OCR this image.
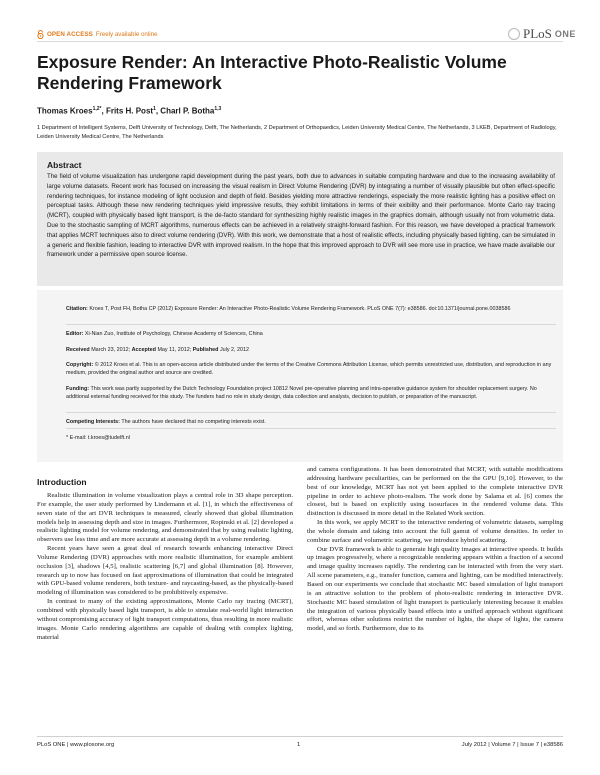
OPEN ACCESS Freely available online	PLoS ONE
Exposure Render: An Interactive Photo-Realistic Volume Rendering Framework
Thomas Kroes$^{1,2*}$, Frits H. Post$^1$, Charl P. Botha$^{1,3}$
1 Department of Intelligent Systems, Delft University of Technology, Delft, The Netherlands, 2 Department of Orthopaedics, Leiden University Medical Centre, The Netherlands, 3 LKEB, Department of Radiology, Leiden University Medical Centre, The Netherlands
Abstract
The field of volume visualization has undergone rapid development during the past years, both due to advances in suitable computing hardware and due to the increasing availability of large volume datasets. Recent work has focused on increasing the visual realism in Direct Volume Rendering (DVR) by integrating a number of visually plausible but often effect-specific rendering techniques, for instance modeling of light occlusion and depth of field. Besides yielding more attractive renderings, especially the more realistic lighting has a positive effect on perceptual tasks. Although these new rendering techniques yield impressive results, they exhibit limitations in terms of their exibility and their performance. Monte Carlo ray tracing (MCRT), coupled with physically based light transport, is the de-facto standard for synthesizing highly realistic images in the graphics domain, although usually not from volumetric data. Due to the stochastic sampling of MCRT algorithms, numerous effects can be achieved in a relatively straight-forward fashion. For this reason, we have developed a practical framework that applies MCRT techniques also to direct volume rendering (DVR). With this work, we demonstrate that a host of realistic effects, including physically based lighting, can be simulated in a generic and flexible fashion, leading to interactive DVR with improved realism. In the hope that this improved approach to DVR will see more use in practice, we have made available our framework under a permissive open source license.
Citation: Kroes T, Post FH, Botha CP (2012) Exposure Render: An Interactive Photo-Realistic Volume Rendering Framework. PLoS ONE 7(7): e38586. doi:10.1371/journal.pone.0038586
Editor: Xi-Nian Zuo, Institute of Psychology, Chinese Academy of Sciences, China
Received March 23, 2012; Accepted May 11, 2012; Published July 2, 2012
Copyright: © 2012 Kroes et al. This is an open-access article distributed under the terms of the Creative Commons Attribution License, which permits unrestricted use, distribution, and reproduction in any medium, provided the original author and source are credited.
Funding: This work was partly supported by the Dutch Technology Foundation project 10812 Novel pre-operative planning and intra-operative guidance system for shoulder replacement surgery. No additional external funding received for this study. The funders had no role in study design, data collection and analysis, decision to publish, or preparation of the manuscript.
Competing Interests: The authors have declared that no competing interests exist.
* E-mail: t.kroes@tudelft.nl
Introduction

Realistic illumination in volume visualization plays a central role in 3D shape perception. For example, the user study performed by Lindemann et al. [1], in which the effectiveness of seven state of the art DVR techniques is measured, clearly showed that global illumination models help in assessing depth and size in images. Furthermore, Ropinski et al. [2] developed a realistic lighting model for volume rendering, and demonstrated that by using realistic lighting, observers use less time and are more accurate at assessing depth in a volume rendering.

Recent years have seen a great deal of research towards enhancing interactive Direct Volume Rendering (DVR) approaches with more realistic illumination, for example ambient occlusion [3], shadows [4,5], realistic scattering [6,7] and global illumination [8]. However, research up to now has focused on fast approximations of illumination that could be integrated with GPU-based volume renderers, both texture- and raycasting-based, as the physically-based modeling of illumination was considered to be prohibitively expensive.

In contrast to many of the existing approximations, Monte Carlo ray tracing (MCRT), combined with physically based light transport, is able to simulate real-world light interaction without compromising accuracy of light transport computations, thus resulting in more realistic images. Monte Carlo rendering algorithms are capable of dealing with complex lighting, material

and camera configurations. It has been demonstrated that MCRT, with suitable modifications addressing hardware peculiarities, can be performed on the the GPU [9,10]. However, to the best of our knowledge, MCRT has not yet been applied to the complete interactive DVR pipeline in order to achieve photo-realism. The work done by Salama et al. [6] comes the closest, but is based on explicitly using isosurfaces in the rendered volume data. This distinction is discussed in more detail in the Related Work section.

In this work, we apply MCRT to the interactive rendering of volumetric datasets, sampling the whole domain and taking into account the full gamut of volume densities. In order to combine surface and volumetric scattering, we introduce hybrid scattering.

Our DVR framework is able to generate high quality images at interactive speeds. It builds up images progressively, where a recognizable rendering appears within a fraction of a second and image quality increases rapidly. The rendering can be interacted with from the very start. All scene parameters, e.g., transfer function, camera and lighting, can be modified interactively. Based on our experiments we conclude that stochastic MC based simulation of light transport is an attractive solution to the problem of photo-realistic rendering in interactive DVR. Stochastic MC based simulation of light transport is particularly interesting because it enables the integration of various physically based effects into a unified approach without significant effort, whereas other solutions restrict the number of lights, the shape of lights, the camera model, and so forth. Furthermore, due to its

PLoS ONE | www.plosone.org	1	July 2012 | Volume 7 | Issue 7 | e38586
